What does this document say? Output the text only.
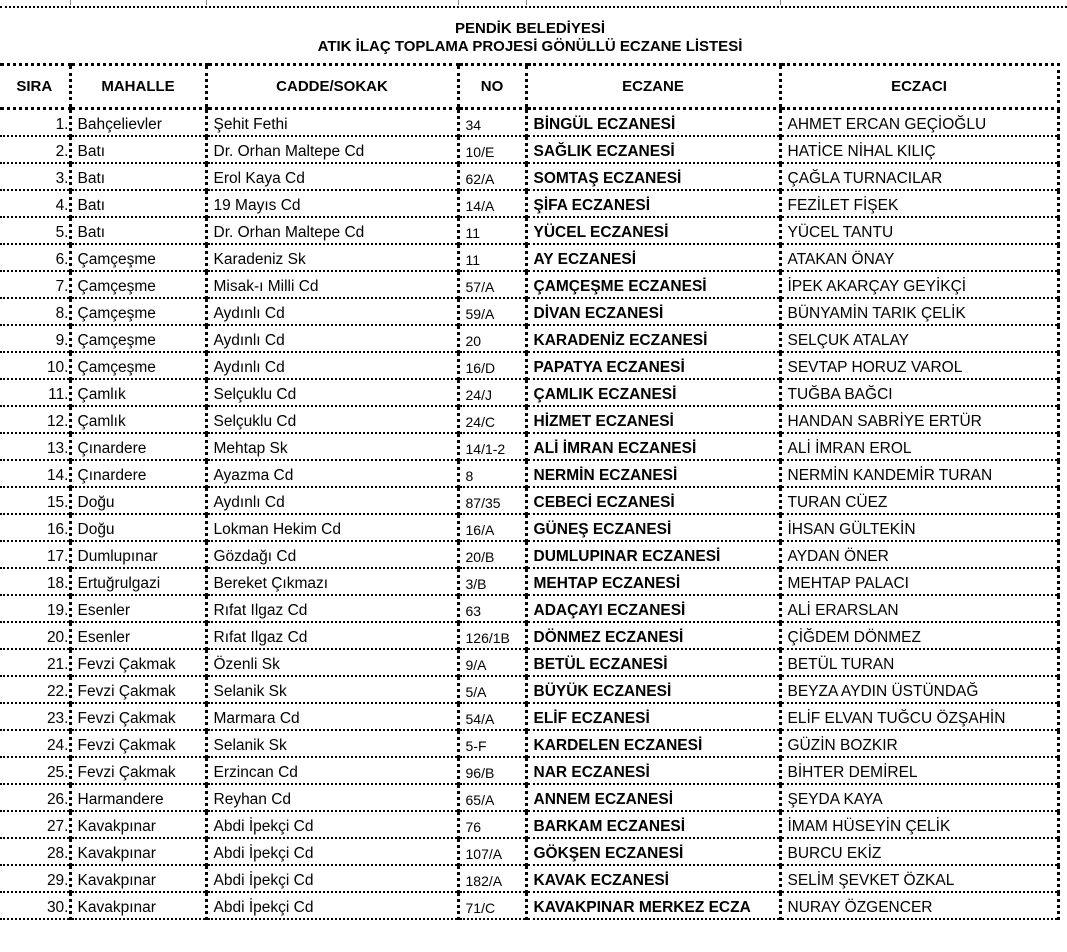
PENDİK BELEDİYESİ
ATIK İLAÇ TOPLAMA PROJESİ GÖNÜLLÜ ECZANE LİSTESİ
SIRA	MAHALLE	CADDE/SOKAK	NO	ECZANE	ECZACI
1.	Bahçelievler	Şehit Fethi	34	BİNGÜL ECZANESİ	AHMET ERCAN GEÇİOĞLU
2.	Batı	Dr. Orhan Maltepe Cd	10/E	SAĞLIK ECZANESİ	HATİCE NİHAL KILIÇ
3.	Batı	Erol Kaya Cd	62/A	SOMTAŞ ECZANESİ	ÇAĞLA TURNACILAR
4.	Batı	19 Mayıs Cd	14/A	ŞİFA ECZANESİ	FEZİLET FİŞEK
5.	Batı	Dr. Orhan Maltepe Cd	11	YÜCEL ECZANESİ	YÜCEL TANTU
6.	Çamçeşme	Karadeniz Sk	11	AY ECZANESİ	ATAKAN ÖNAY
7.	Çamçeşme	Misak-ı Milli Cd	57/A	ÇAMÇEŞME ECZANESİ	İPEK AKARÇAY GEYİKÇİ
8.	Çamçeşme	Aydınlı Cd	59/A	DİVAN ECZANESİ	BÜNYAMİN TARIK ÇELİK
9.	Çamçeşme	Aydınlı Cd	20	KARADENİZ ECZANESİ	SELÇUK ATALAY
10.	Çamçeşme	Aydınlı Cd	16/D	PAPATYA ECZANESİ	SEVTAP HORUZ VAROL
11.	Çamlık	Selçuklu Cd	24/J	ÇAMLIK ECZANESİ	TUĞBA BAĞCI
12.	Çamlık	Selçuklu Cd	24/C	HİZMET ECZANESİ	HANDAN SABRİYE ERTÜR
13.	Çınardere	Mehtap Sk	14/1-2	ALİ İMRAN ECZANESİ	ALİ İMRAN EROL
14.	Çınardere	Ayazma Cd	8	NERMİN ECZANESİ	NERMİN KANDEMİR TURAN
15.	Doğu	Aydınlı Cd	87/35	CEBECİ ECZANESİ	TURAN CÜEZ
16.	Doğu	Lokman Hekim Cd	16/A	GÜNEŞ ECZANESİ	İHSAN GÜLTEKİN
17.	Dumlupınar	Gözdağı Cd	20/B	DUMLUPINAR ECZANESİ	AYDAN ÖNER
18.	Ertuğrulgazi	Bereket Çıkmazı	3/B	MEHTAP ECZANESİ	MEHTAP PALACI
19.	Esenler	Rıfat Ilgaz Cd	63	ADAÇAYI ECZANESİ	ALİ ERARSLAN
20.	Esenler	Rıfat Ilgaz Cd	126/1B	DÖNMEZ ECZANESİ	ÇİĞDEM DÖNMEZ
21.	Fevzi Çakmak	Özenli Sk	9/A	BETÜL ECZANESİ	BETÜL TURAN
22.	Fevzi Çakmak	Selanik Sk	5/A	BÜYÜK ECZANESİ	BEYZA AYDIN ÜSTÜNDAĞ
23.	Fevzi Çakmak	Marmara Cd	54/A	ELİF ECZANESİ	ELİF ELVAN TUĞCU ÖZŞAHİN
24.	Fevzi Çakmak	Selanik Sk	5-F	KARDELEN ECZANESİ	GÜZİN BOZKIR
25.	Fevzi Çakmak	Erzincan Cd	96/B	NAR ECZANESİ	BİHTER DEMİREL
26.	Harmandere	Reyhan Cd	65/A	ANNEM ECZANESİ	ŞEYDA KAYA
27.	Kavakpınar	Abdi İpekçi Cd	76	BARKAM ECZANESİ	İMAM HÜSEYİN ÇELİK
28.	Kavakpınar	Abdi İpekçi Cd	107/A	GÖKŞEN ECZANESİ	BURCU EKİZ
29.	Kavakpınar	Abdi İpekçi Cd	182/A	KAVAK ECZANESİ	SELİM ŞEVKET ÖZKAL
30.	Kavakpınar	Abdi İpekçi Cd	71/C	KAVAKPINAR MERKEZ ECZA	NURAY ÖZGENCER
